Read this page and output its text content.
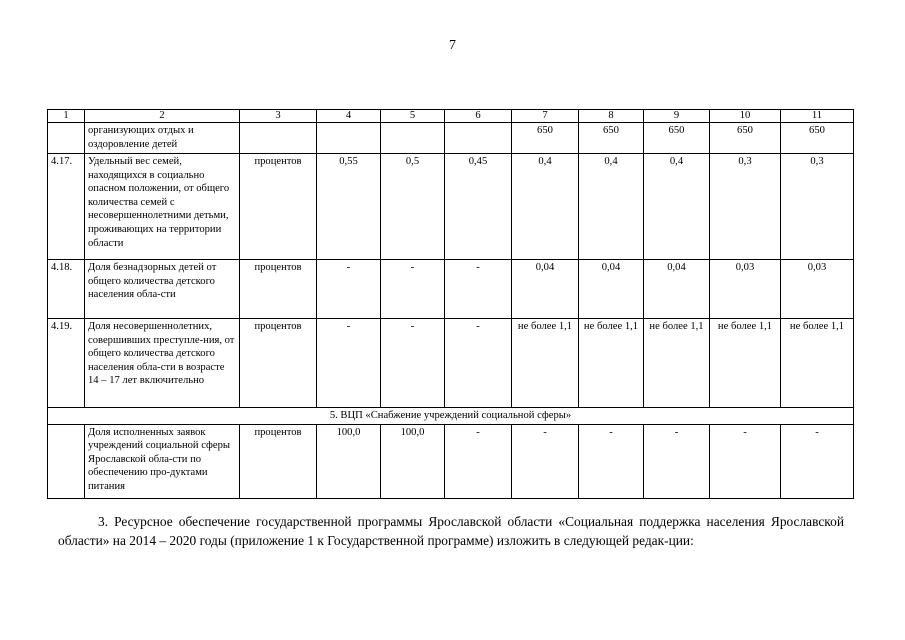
7
1	2	3	4	5	6	7	8	9	10	11
	организующих отдых и оздоровление детей					650	650	650	650	650
4.17.	Удельный вес семей, находящихся в социально опасном положении, от общего количества семей с несовершеннолетними детьми, проживающих на территории области	процентов	0,55	0,5	0,45	0,4	0,4	0,4	0,3	0,3
4.18.	Доля безнадзорных детей от общего количества детского населения обла-сти	процентов	-	-	-	0,04	0,04	0,04	0,03	0,03
4.19.	Доля несовершеннолетних, совершивших преступле-ния, от общего количества детского населения обла-сти в возрасте 14 – 17 лет включительно	процентов	-	-	-	не более 1,1	не более 1,1	не более 1,1	не более 1,1	не более 1,1
5. ВЦП «Снабжение учреждений социальной сферы»										
	Доля исполненных заявок учреждений социальной сферы Ярославской обла-сти по обеспечению про-дуктами питания	процентов	100,0	100,0	-	-	-	-	-	-
3. Ресурсное обеспечение государственной программы Ярославской области «Социальная поддержка населения Ярославской области» на 2014 – 2020 годы (приложение 1 к Государственной программе) изложить в следующей редак-ции:
